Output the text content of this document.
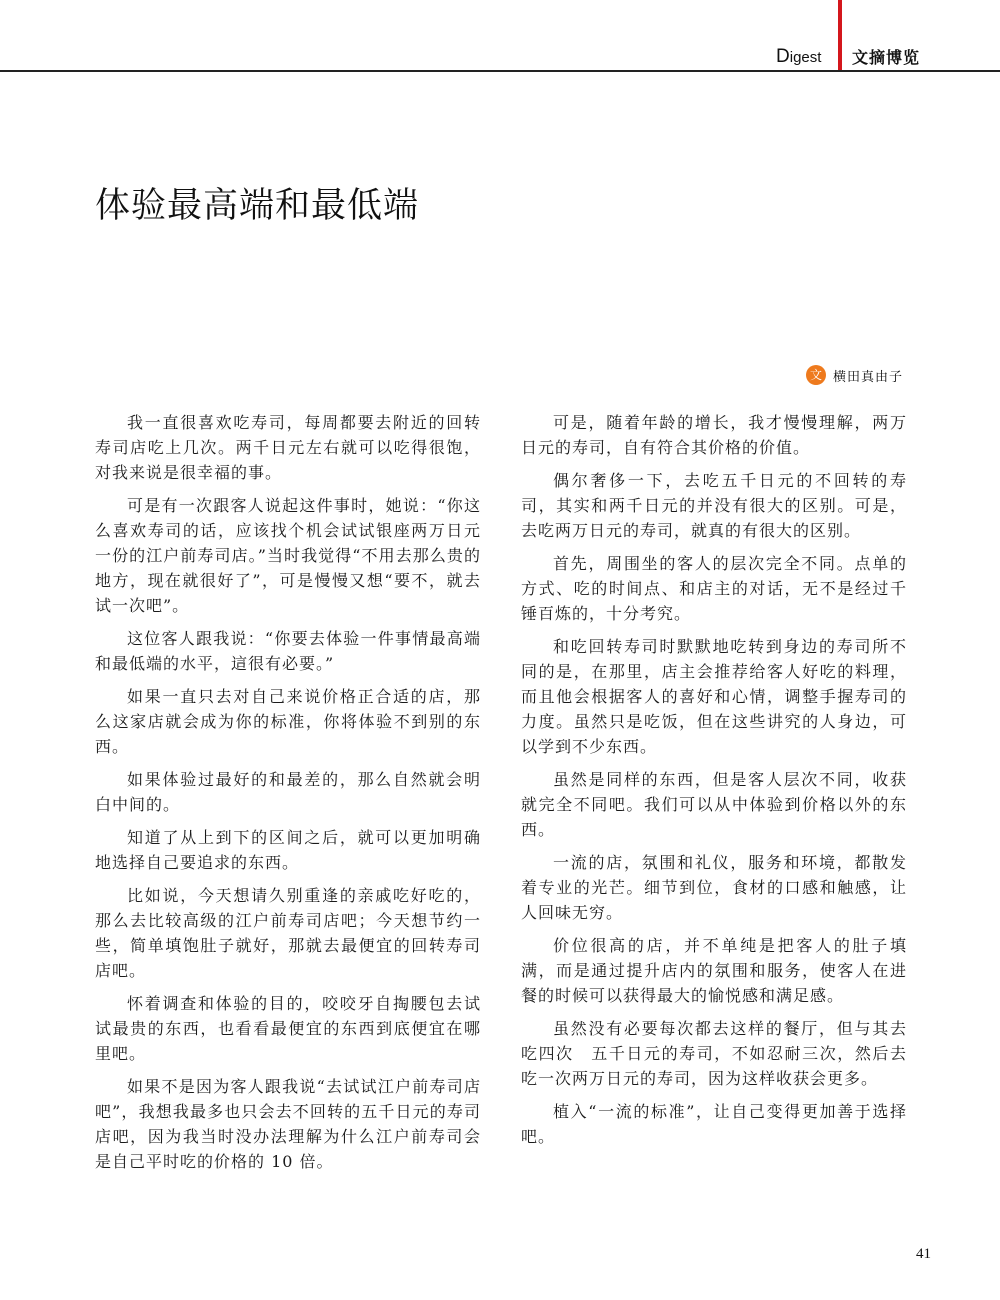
Digest 文摘博览
体验最高端和最低端
文 横田真由子

我一直很喜欢吃寿司，每周都要去附近的回转寿司店吃上几次。两千日元左右就可以吃得很饱，对我来说是很幸福的事。

可是有一次跟客人说起这件事时，她说：“你这么喜欢寿司的话，应该找个机会试试银座两万日元一份的江户前寿司店。”当时我觉得“不用去那么贵的地方，现在就很好了”，可是慢慢又想“要不，就去试一次吧”。

这位客人跟我说：“你要去体验一件事情最高端和最低端的水平，這很有必要。”

如果一直只去对自己来说价格正合适的店，那么这家店就会成为你的标准，你将体验不到别的东西。

如果体验过最好的和最差的，那么自然就会明白中间的。

知道了从上到下的区间之后，就可以更加明确地选择自己要追求的东西。

比如说，今天想请久别重逢的亲戚吃好吃的，那么去比较高级的江户前寿司店吧；今天想节约一些，简单填饱肚子就好，那就去最便宜的回转寿司店吧。

怀着调查和体验的目的，咬咬牙自掏腰包去试试最贵的东西，也看看最便宜的东西到底便宜在哪里吧。

如果不是因为客人跟我说“去试试江户前寿司店吧”，我想我最多也只会去不回转的五千日元的寿司店吧，因为我当时没办法理解为什么江户前寿司会是自己平时吃的价格的 10 倍。

可是，随着年龄的增长，我才慢慢理解，两万日元的寿司，自有符合其价格的价值。

偶尔奢侈一下，去吃五千日元的不回转的寿司，其实和两千日元的并没有很大的区别。可是，去吃两万日元的寿司，就真的有很大的区别。

首先，周围坐的客人的层次完全不同。点单的方式、吃的时间点、和店主的对话，无不是经过千锤百炼的，十分考究。

和吃回转寿司时默默地吃转到身边的寿司所不同的是，在那里，店主会推荐给客人好吃的料理，而且他会根据客人的喜好和心情，调整手握寿司的力度。虽然只是吃饭，但在这些讲究的人身边，可以学到不少东西。

虽然是同样的东西，但是客人层次不同，收获就完全不同吧。我们可以从中体验到价格以外的东西。

一流的店，氛围和礼仪，服务和环境，都散发着专业的光芒。细节到位，食材的口感和触感，让人回味无穷。

价位很高的店，并不单纯是把客人的肚子填满，而是通过提升店内的氛围和服务，使客人在进餐的时候可以获得最大的愉悦感和满足感。

虽然没有必要每次都去这样的餐厅，但与其去吃四次　五千日元的寿司，不如忍耐三次，然后去吃一次两万日元的寿司，因为这样收获会更多。

植入“一流的标准”，让自己变得更加善于选择吧。

41
